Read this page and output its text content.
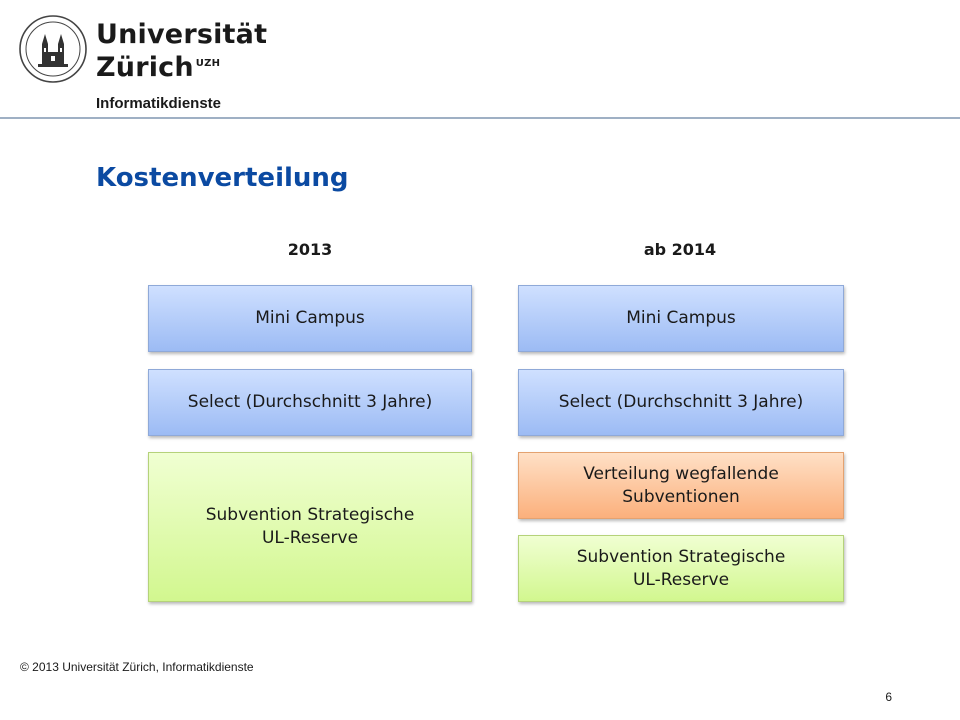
Universität
Zürich $^{UZH}$
Informatikdienste
Kostenverteilung
2013
Mini Campus
Select (Durchschnitt 3 Jahre)
Subvention Strategische
UL-Reserve
ab 2014
Mini Campus
Select (Durchschnitt 3 Jahre)
Verteilung wegfallende
Subventionen
Subvention Strategische
UL-Reserve
© 2013 Universität Zürich, Informatikdienste
6
